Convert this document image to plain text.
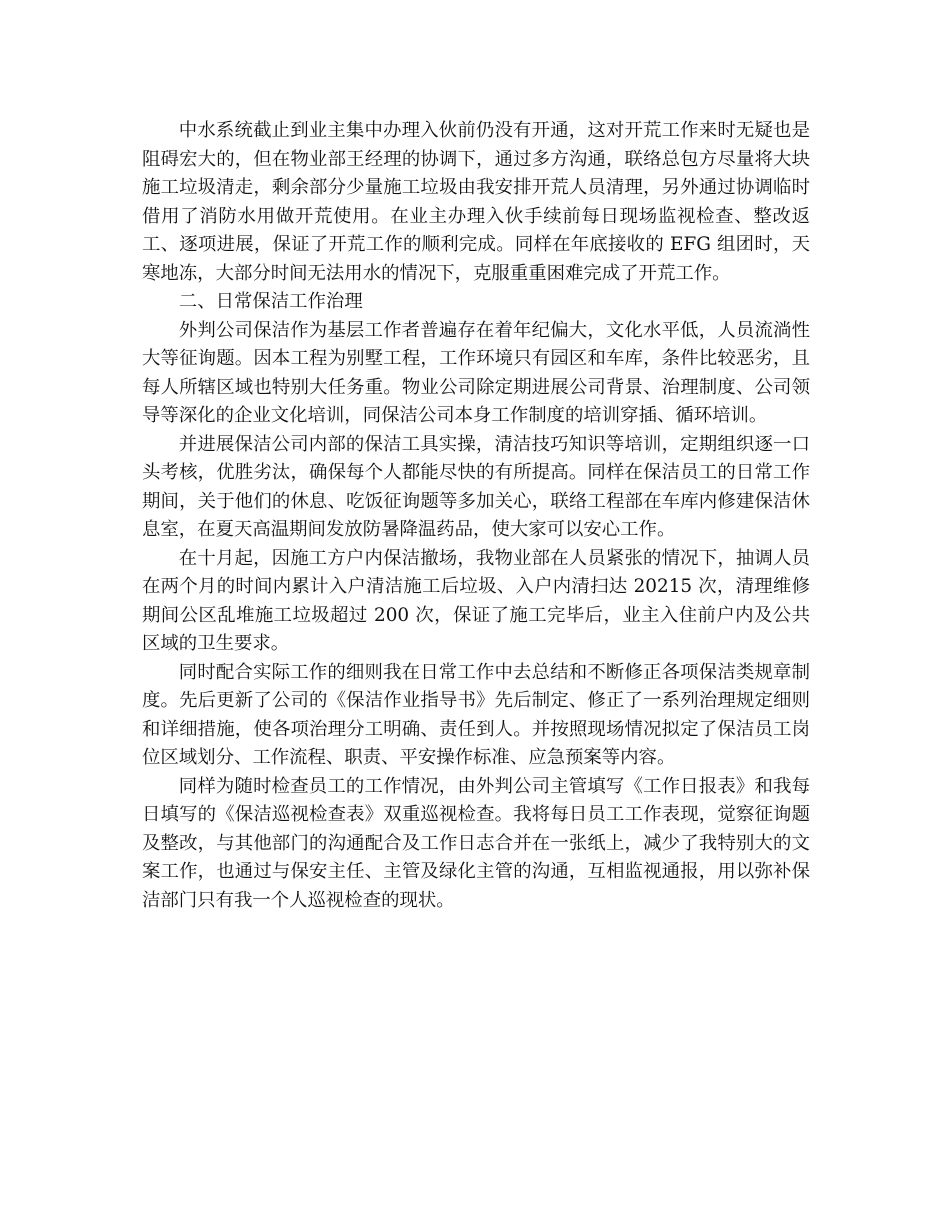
中水系统截止到业主集中办理入伙前仍没有开通，这对开荒工作来时无疑也是阻碍宏大的，但在物业部王经理的协调下，通过多方沟通，联络总包方尽量将大块施工垃圾清走，剩余部分少量施工垃圾由我安排开荒人员清理，另外通过协调临时借用了消防水用做开荒使用。在业主办理入伙手续前每日现场监视检查、整改返工、逐项进展，保证了开荒工作的顺利完成。同样在年底接收的 EFG 组团时，天寒地冻，大部分时间无法用水的情况下，克服重重困难完成了开荒工作。

二、日常保洁工作治理

外判公司保洁作为基层工作者普遍存在着年纪偏大，文化水平低，人员流淌性大等征询题。因本工程为别墅工程，工作环境只有园区和车库，条件比较恶劣，且每人所辖区域也特别大任务重。物业公司除定期进展公司背景、治理制度、公司领导等深化的企业文化培训，同保洁公司本身工作制度的培训穿插、循环培训。

并进展保洁公司内部的保洁工具实操，清洁技巧知识等培训，定期组织逐一口头考核，优胜劣汰，确保每个人都能尽快的有所提高。同样在保洁员工的日常工作期间，关于他们的休息、吃饭征询题等多加关心，联络工程部在车库内修建保洁休息室，在夏天高温期间发放防暑降温药品，使大家可以安心工作。

在十月起，因施工方户内保洁撤场，我物业部在人员紧张的情况下，抽调人员在两个月的时间内累计入户清洁施工后垃圾、入户内清扫达 20215 次，清理维修期间公区乱堆施工垃圾超过 200 次，保证了施工完毕后，业主入住前户内及公共区域的卫生要求。

同时配合实际工作的细则我在日常工作中去总结和不断修正各项保洁类规章制度。先后更新了公司的《保洁作业指导书》先后制定、修正了一系列治理规定细则和详细措施，使各项治理分工明确、责任到人。并按照现场情况拟定了保洁员工岗位区域划分、工作流程、职责、平安操作标准、应急预案等内容。

同样为随时检查员工的工作情况，由外判公司主管填写《工作日报表》和我每日填写的《保洁巡视检查表》双重巡视检查。我将每日员工工作表现，觉察征询题及整改，与其他部门的沟通配合及工作日志合并在一张纸上，减少了我特别大的文案工作，也通过与保安主任、主管及绿化主管的沟通，互相监视通报，用以弥补保洁部门只有我一个人巡视检查的现状。
